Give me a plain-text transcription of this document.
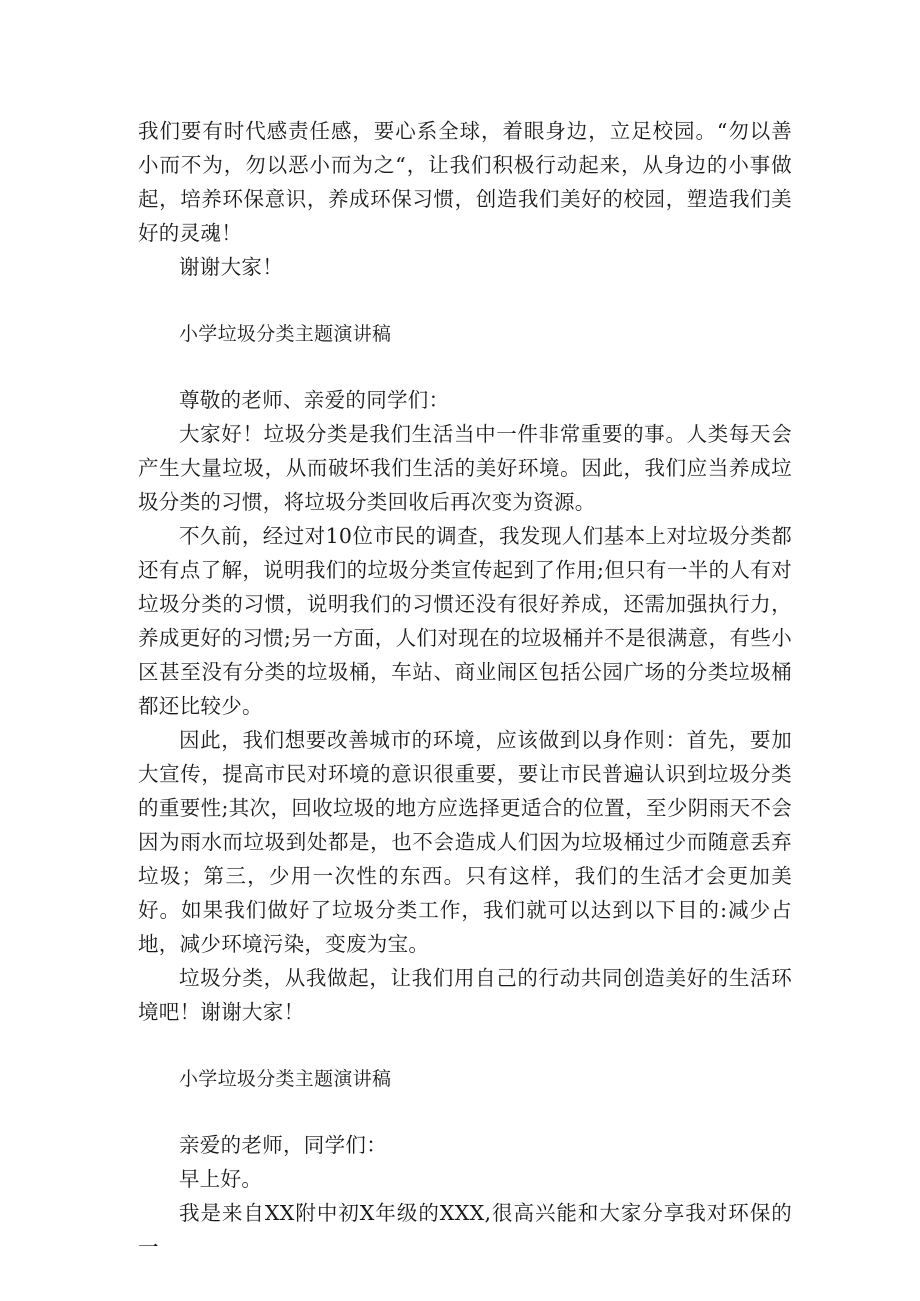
我们要有时代感责任感，要心系全球，着眼身边，立足校园。“勿以善小而不为，勿以恶小而为之“，让我们积极行动起来，从身边的小事做起，培养环保意识，养成环保习惯，创造我们美好的校园，塑造我们美好的灵魂！

谢谢大家！

小学垃圾分类主题演讲稿

尊敬的老师、亲爱的同学们：

大家好！垃圾分类是我们生活当中一件非常重要的事。人类每天会产生大量垃圾，从而破坏我们生活的美好环境。因此，我们应当养成垃圾分类的习惯，将垃圾分类回收后再次变为资源。

不久前，经过对10位市民的调查，我发现人们基本上对垃圾分类都还有点了解，说明我们的垃圾分类宣传起到了作用;但只有一半的人有对垃圾分类的习惯，说明我们的习惯还没有很好养成，还需加强执行力，养成更好的习惯;另一方面，人们对现在的垃圾桶并不是很满意，有些小区甚至没有分类的垃圾桶，车站、商业闹区包括公园广场的分类垃圾桶都还比较少。

因此，我们想要改善城市的环境，应该做到以身作则：首先，要加大宣传，提高市民对环境的意识很重要，要让市民普遍认识到垃圾分类的重要性;其次，回收垃圾的地方应选择更适合的位置，至少阴雨天不会因为雨水而垃圾到处都是，也不会造成人们因为垃圾桶过少而随意丢弃垃圾；第三，少用一次性的东西。只有这样，我们的生活才会更加美好。如果我们做好了垃圾分类工作，我们就可以达到以下目的:减少占地，减少环境污染，变废为宝。

垃圾分类，从我做起，让我们用自己的行动共同创造美好的生活环境吧！谢谢大家！

小学垃圾分类主题演讲稿

亲爱的老师，同学们：

早上好。

我是来自XX附中初X年级的XXX,很高兴能和大家分享我对环保的一
